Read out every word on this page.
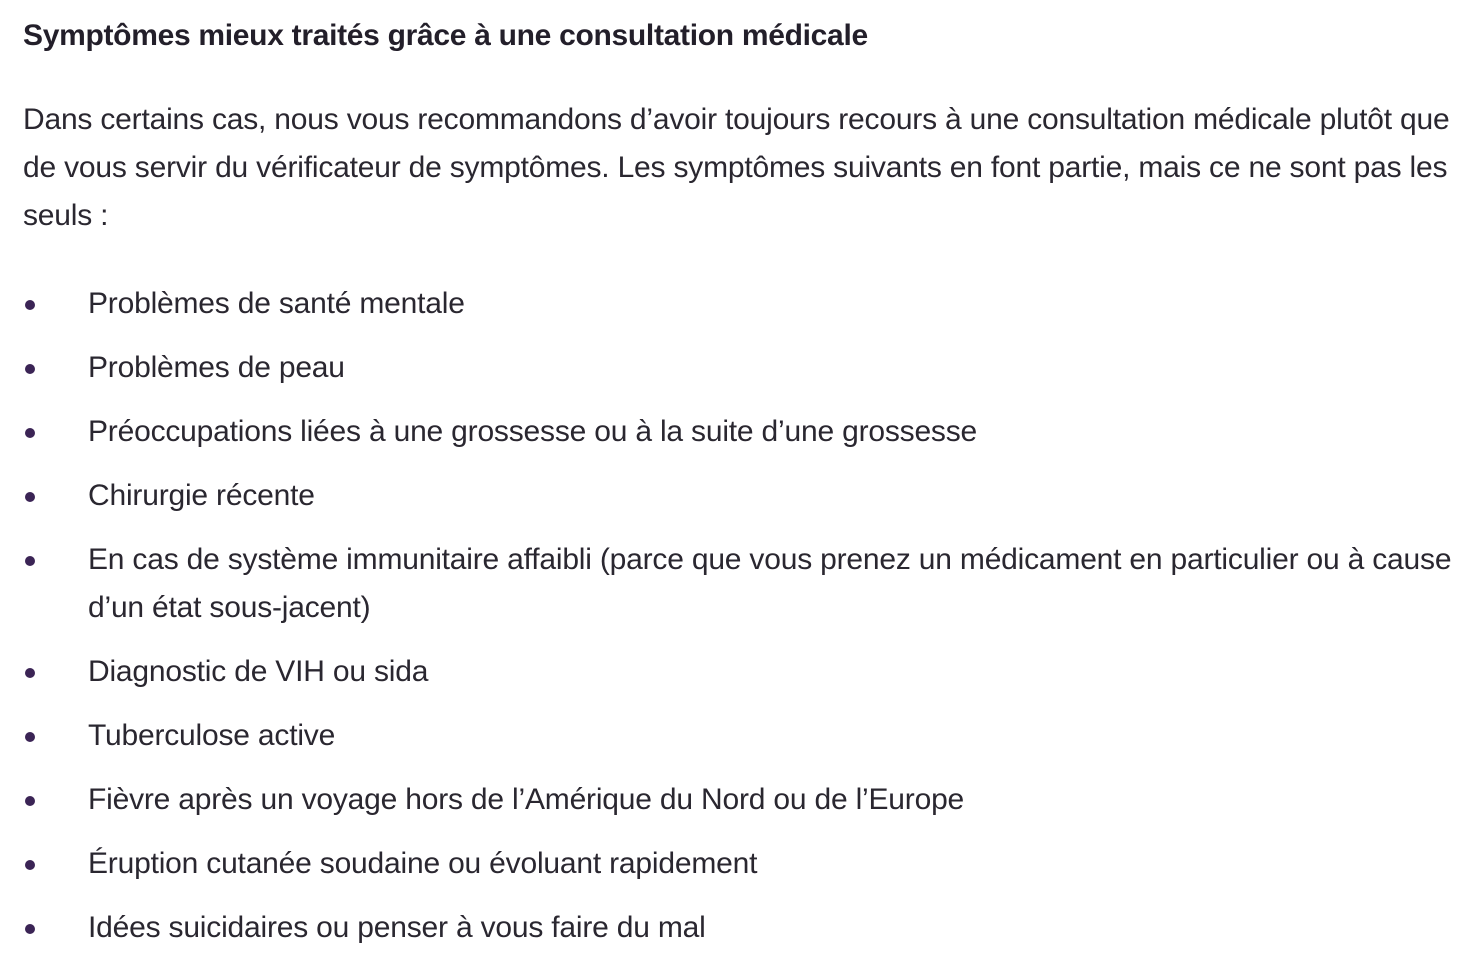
Symptômes mieux traités grâce à une consultation médicale

Dans certains cas, nous vous recommandons d’avoir toujours recours à une consultation médicale plutôt que de vous servir du vérificateur de symptômes. Les symptômes suivants en font partie, mais ce ne sont pas les seuls :

Problèmes de santé mentale
Problèmes de peau
Préoccupations liées à une grossesse ou à la suite d’une grossesse
Chirurgie récente
En cas de système immunitaire affaibli (parce que vous prenez un médicament en particulier ou à cause d’un état sous-jacent)
Diagnostic de VIH ou sida
Tuberculose active
Fièvre après un voyage hors de l’Amérique du Nord ou de l’Europe
Éruption cutanée soudaine ou évoluant rapidement
Idées suicidaires ou penser à vous faire du mal
